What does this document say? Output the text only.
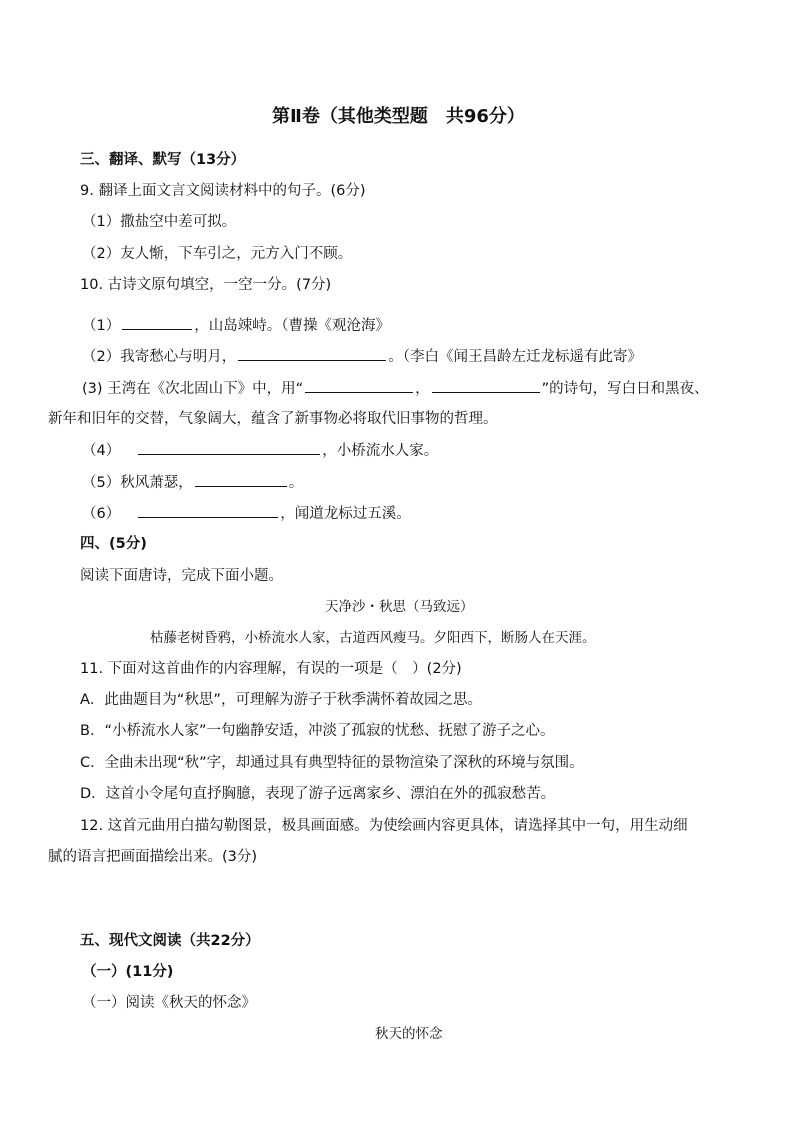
第Ⅱ卷（其他类型题　共96分）
三、翻译、默写（13分）
9. 翻译上面文言文阅读材料中的句子。(6分)
（1）撒盐空中差可拟。
（2）友人惭，下车引之，元方入门不顾。
10. 古诗文原句填空，一空一分。(7分)
（1）	，山岛竦峙。（曹操《观沧海》
（2）我寄愁心与明月，	。（李白《闻王昌龄左迁龙标遥有此寄》
(3) 王湾在《次北固山下》中，用“	，	”的诗句，写白日和黑夜、
新年和旧年的交替，气象阔大，蕴含了新事物必将取代旧事物的哲理。
（4）	，小桥流水人家。
（5）秋风萧瑟，	。
（6）	，闻道龙标过五溪。
四、(5分)
阅读下面唐诗，完成下面小题。
天净沙・秋思（马致远）
枯藤老树昏鸦，小桥流水人家，古道西风瘦马。夕阳西下，断肠人在天涯。
11. 下面对这首曲作的内容理解，有误的一项是（　）(2分)
A．此曲题目为“秋思”，可理解为游子于秋季满怀着故园之思。
B．“小桥流水人家”一句幽静安适，冲淡了孤寂的忧愁、抚慰了游子之心。
C．全曲未出现“秋”字，却通过具有典型特征的景物渲染了深秋的环境与氛围。
D．这首小令尾句直抒胸臆，表现了游子远离家乡、漂泊在外的孤寂愁苦。
12. 这首元曲用白描勾勒图景，极具画面感。为使绘画内容更具体，请选择其中一句，用生动细
腻的语言把画面描绘出来。(3分)
五、现代文阅读（共22分）
（一）(11分)
（一）阅读《秋天的怀念》
秋天的怀念
